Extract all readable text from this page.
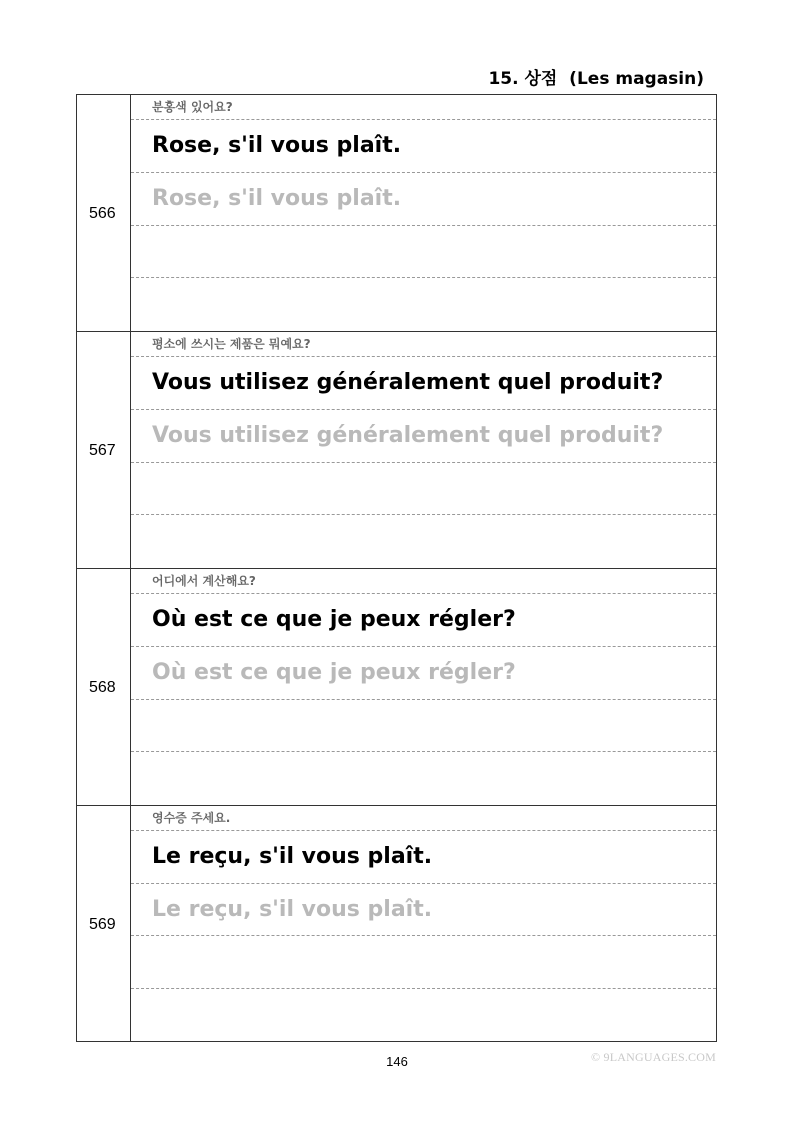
15. 상점  (Les magasin)
566
분홍색 있어요?
Rose, s'il vous plaît.
Rose, s'il vous plaît.
567
평소에 쓰시는 제품은 뭐예요?
Vous utilisez généralement quel produit?
Vous utilisez généralement quel produit?
568
어디에서 계산해요?
Où est ce que je peux régler?
Où est ce que je peux régler?
569
영수증 주세요.
Le reçu, s'il vous plaît.
Le reçu, s'il vous plaît.
146	© 9LANGUAGES.COM
